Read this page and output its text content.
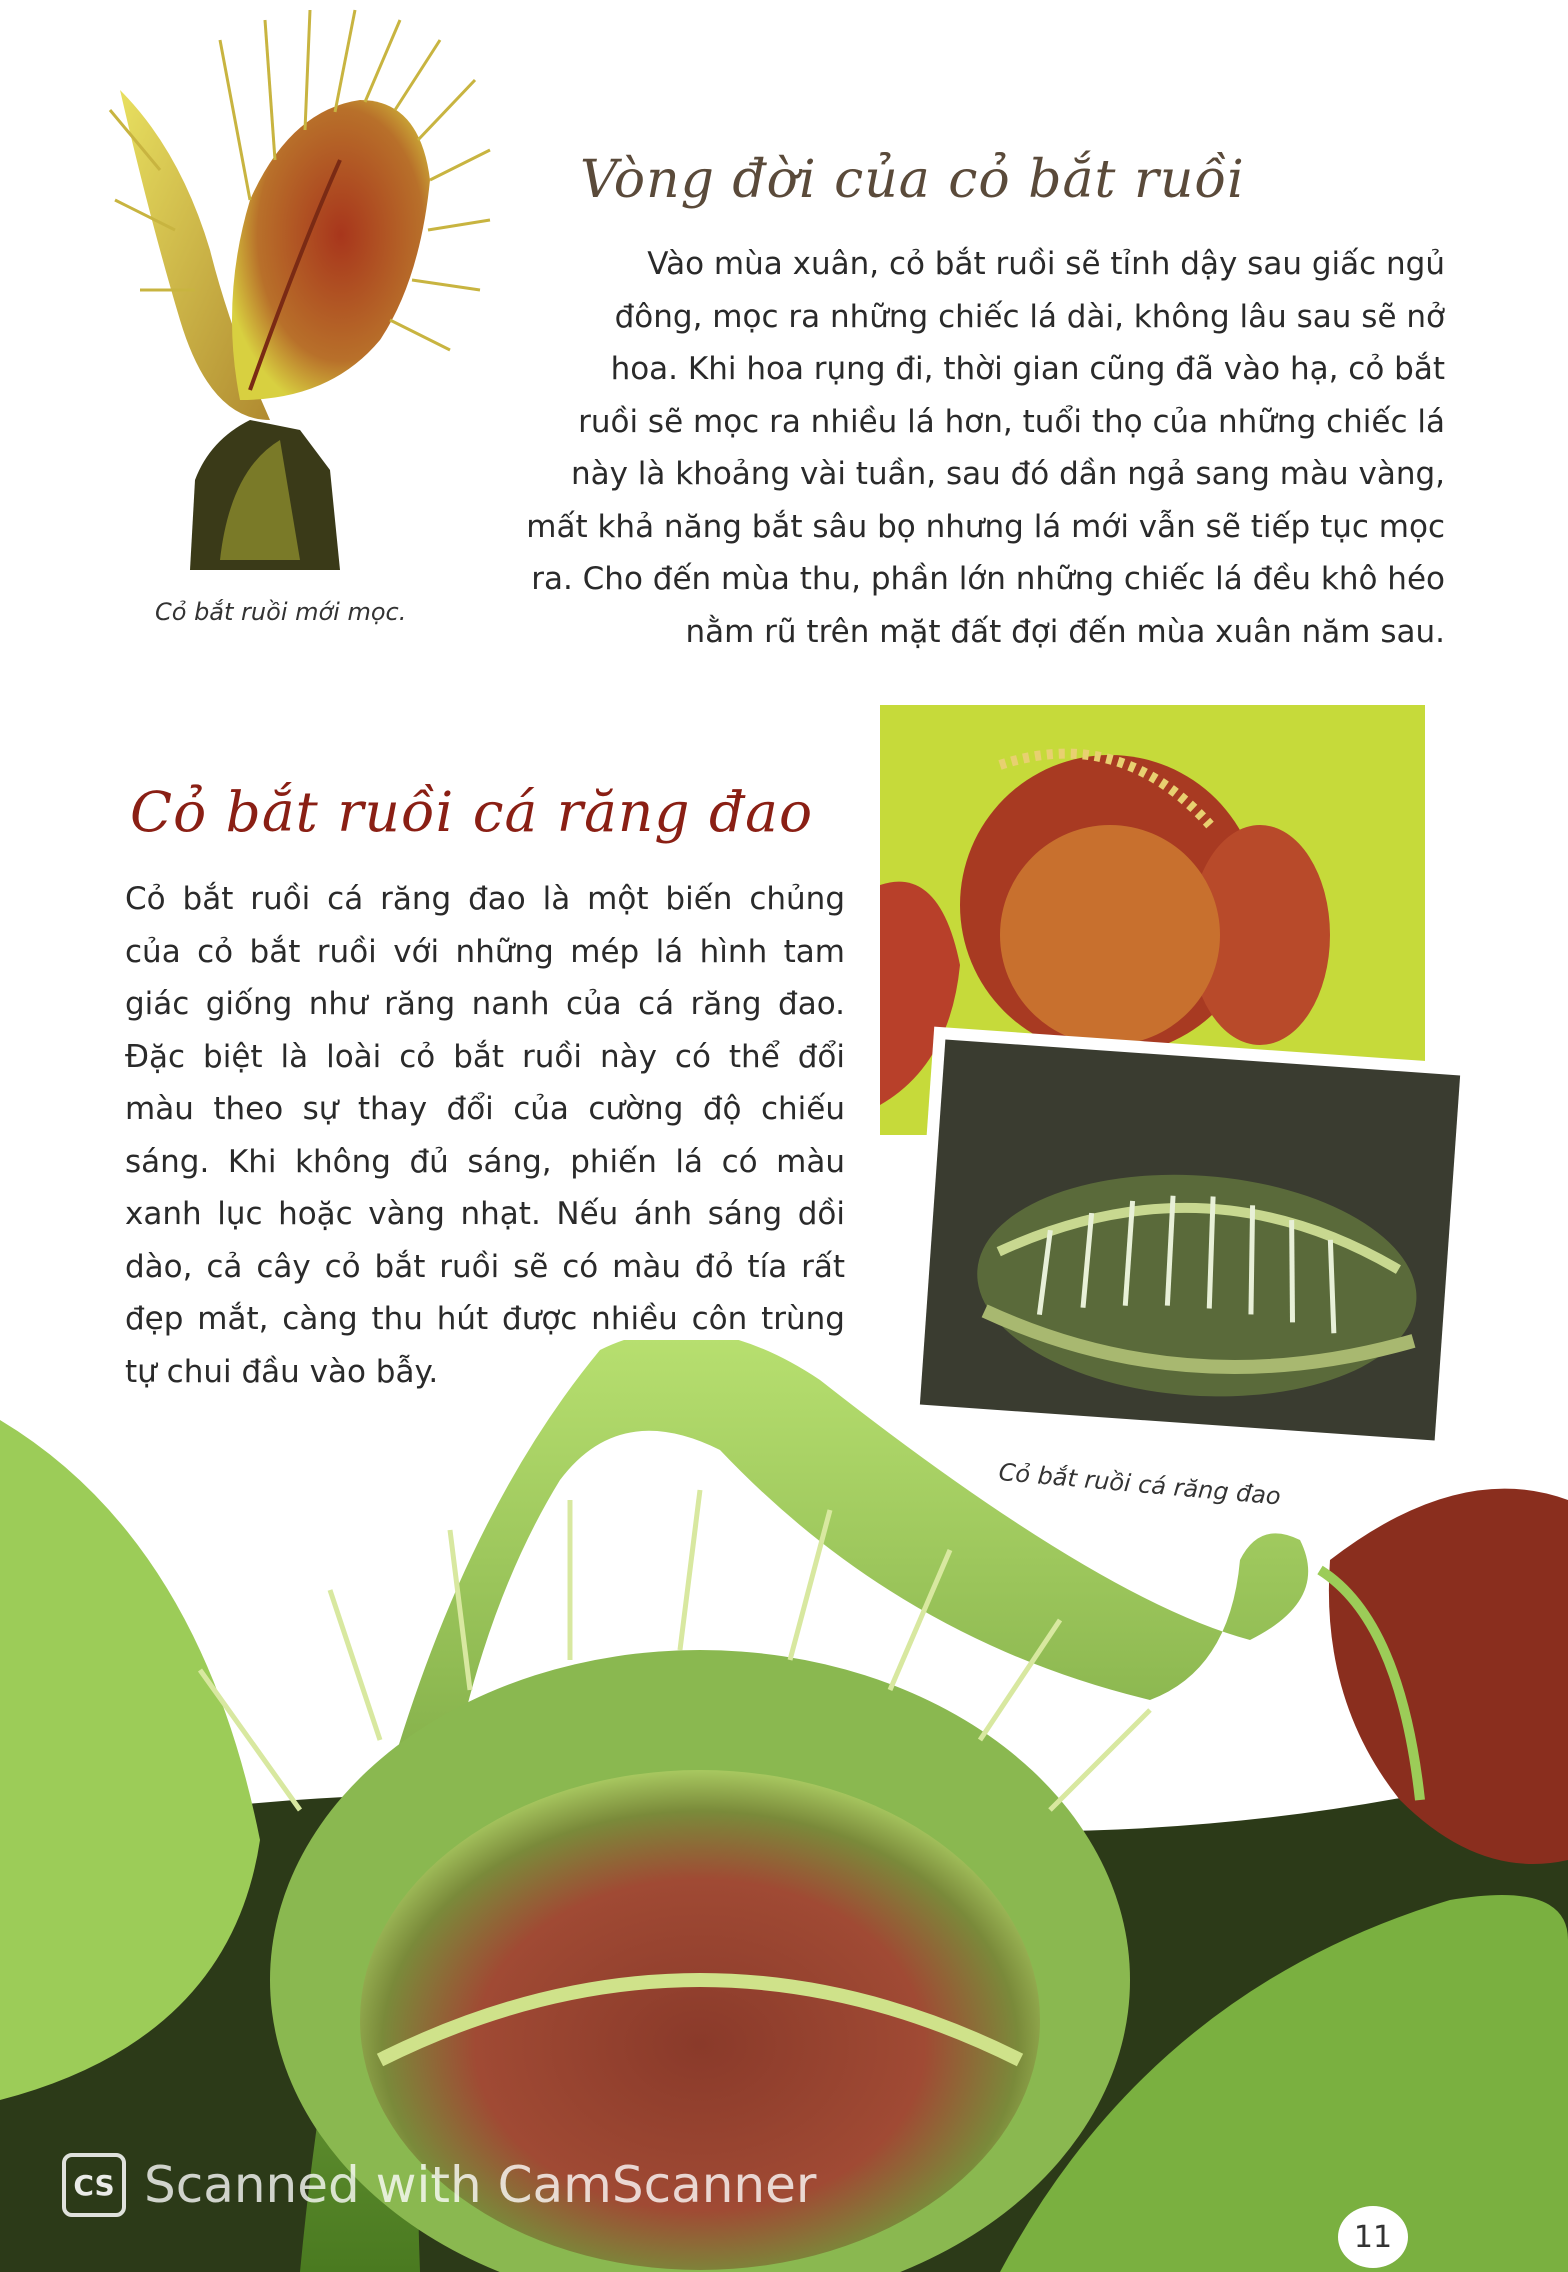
Cỏ bắt ruồi mới mọc.
Vòng đời của cỏ bắt ruồi
Vào mùa xuân, cỏ bắt ruồi sẽ tỉnh dậy sau giấc ngủ
đông, mọc ra những chiếc lá dài, không lâu sau sẽ nở
hoa. Khi hoa rụng đi, thời gian cũng đã vào hạ, cỏ bắt
ruồi sẽ mọc ra nhiều lá hơn, tuổi thọ của những chiếc lá
này là khoảng vài tuần, sau đó dần ngả sang màu vàng,
mất khả năng bắt sâu bọ nhưng lá mới vẫn sẽ tiếp tục mọc
ra. Cho đến mùa thu, phần lớn những chiếc lá đều khô héo
nằm rũ trên mặt đất đợi đến mùa xuân năm sau.
Cỏ bắt ruồi cá răng đao
Cỏ bắt ruồi cá răng đao là một biến chủng
của cỏ bắt ruồi với những mép lá hình tam
giác giống như răng nanh của cá răng đao.
Đặc biệt là loài cỏ bắt ruồi này có thể đổi
màu theo sự thay đổi của cường độ chiếu
sáng. Khi không đủ sáng, phiến lá có màu
xanh lục hoặc vàng nhạt. Nếu ánh sáng dồi
dào, cả cây cỏ bắt ruồi sẽ có màu đỏ tía rất
đẹp mắt, càng thu hút được nhiều côn trùng
tự chui đầu vào bẫy.
Cỏ bắt ruồi cá răng đao
CS Scanned with CamScanner
11
